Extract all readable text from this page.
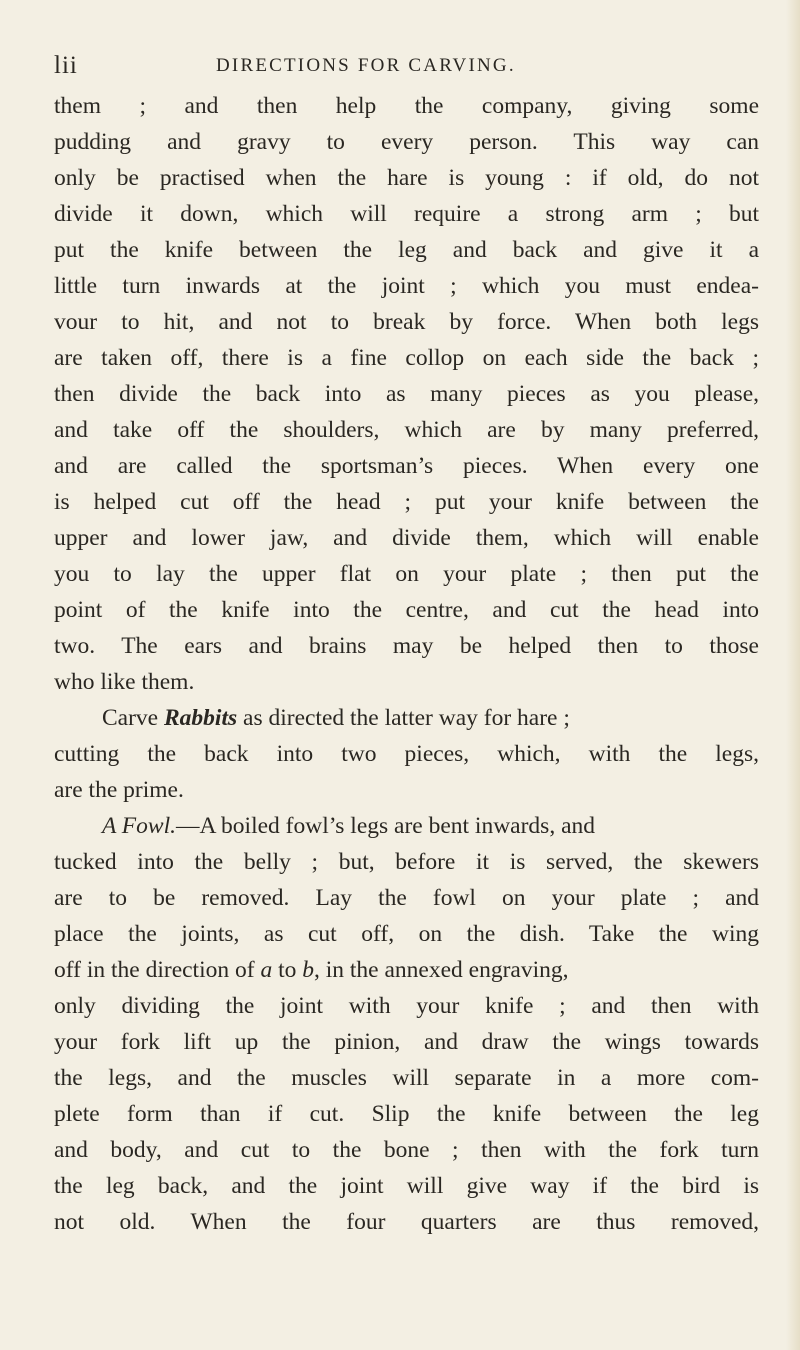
lii	DIRECTIONS FOR CARVING.
them ; and then help the company, giving some
pudding and gravy to every person. This way can
only be practised when the hare is young : if old, do not
divide it down, which will require a strong arm ; but
put the knife between the leg and back and give it a
little turn inwards at the joint ; which you must endea-
vour to hit, and not to break by force. When both legs
are taken off, there is a fine collop on each side the back ;
then divide the back into as many pieces as you please,
and take off the shoulders, which are by many preferred,
and are called the sportsman’s pieces. When every one
is helped cut off the head ; put your knife between the
upper and lower jaw, and divide them, which will enable
you to lay the upper flat on your plate ; then put the
point of the knife into the centre, and cut the head into
two. The ears and brains may be helped then to those
who like them.
Carve Rabbits as directed the latter way for hare ;
cutting the back into two pieces, which, with the legs,
are the prime.
A Fowl.—A boiled fowl’s legs are bent inwards, and
tucked into the belly ; but, before it is served, the skewers
are to be removed. Lay the fowl on your plate ; and
place the joints, as cut off, on the dish. Take the wing
off in the direction of a to b, in the annexed engraving,
only dividing the joint with your knife ; and then with
your fork lift up the pinion, and draw the wings towards
the legs, and the muscles will separate in a more com-
plete form than if cut. Slip the knife between the leg
and body, and cut to the bone ; then with the fork turn
the leg back, and the joint will give way if the bird is
not old. When the four quarters are thus removed,
